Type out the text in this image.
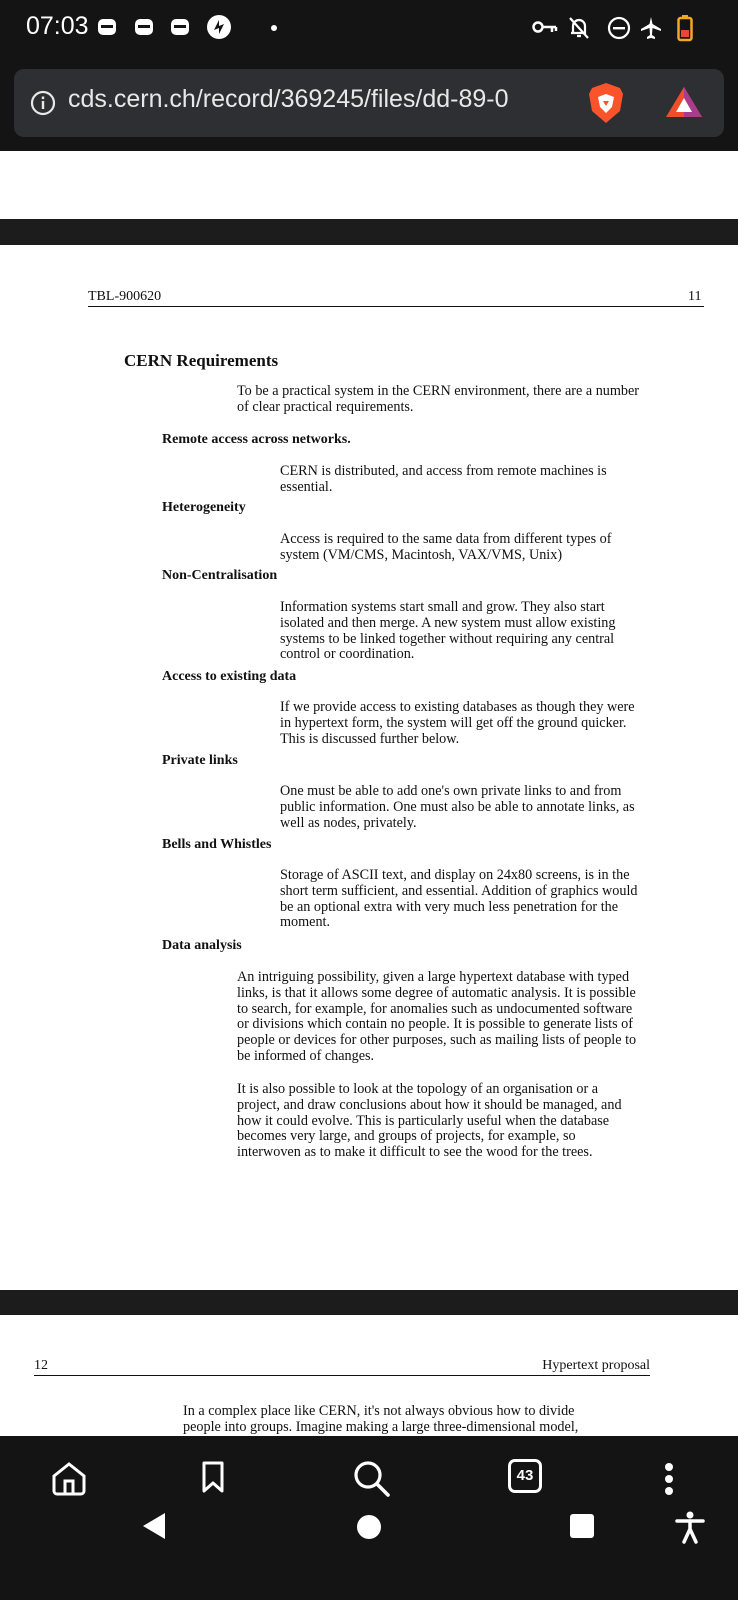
07:03
cds.cern.ch/record/369245/files/dd-89-0
TBL-900620	11
CERN Requirements
To be a practical system in the CERN environment, there are a number
of clear practical requirements.
Remote access across networks.
CERN is distributed, and access from remote machines is
essential.
Heterogeneity
Access is required to the same data from different types of
system (VM/CMS, Macintosh, VAX/VMS, Unix)
Non-Centralisation
Information systems start small and grow. They also start
isolated and then merge. A new system must allow existing
systems to be linked together without requiring any central
control or coordination.
Access to existing data
If we provide access to existing databases as though they were
in hypertext form, the system will get off the ground quicker.
This is discussed further below.
Private links
One must be able to add one's own private links to and from
public information. One must also be able to annotate links, as
well as nodes, privately.
Bells and Whistles
Storage of ASCII text, and display on 24x80 screens, is in the
short term sufficient, and essential. Addition of graphics would
be an optional extra with very much less penetration for the
moment.
Data analysis
An intriguing possibility, given a large hypertext database with typed
links, is that it allows some degree of automatic analysis. It is possible
to search, for example, for anomalies such as undocumented software
or divisions which contain no people. It is possible to generate lists of
people or devices for other purposes, such as mailing lists of people to
be informed of changes.
It is also possible to look at the topology of an organisation or a
project, and draw conclusions about how it should be managed, and
how it could evolve. This is particularly useful when the database
becomes very large, and groups of projects, for example, so
interwoven as to make it difficult to see the wood for the trees.
12	Hypertext proposal
In a complex place like CERN, it's not always obvious how to divide
people into groups. Imagine making a large three-dimensional model,
43
